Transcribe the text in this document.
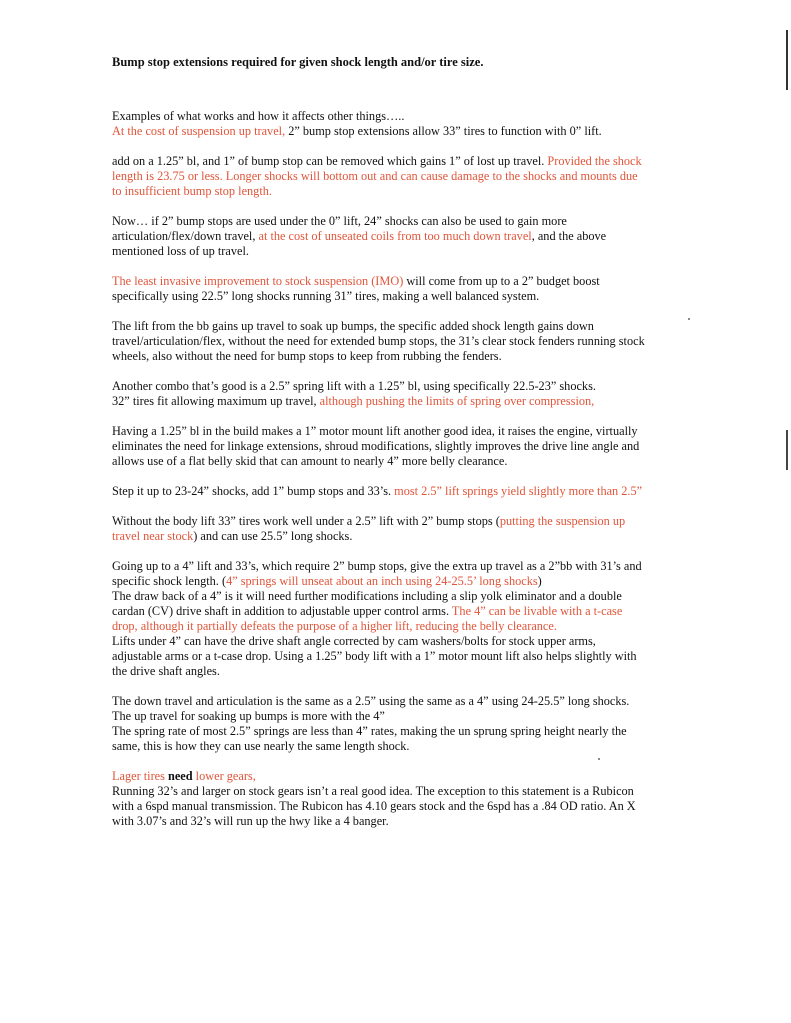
Bump stop extensions required for given shock length and/or tire size.
Examples of what works and how it affects other things…..
At the cost of suspension up travel, 2” bump stop extensions allow 33” tires to function with 0” lift.
add on a 1.25” bl, and 1” of bump stop can be removed which gains 1” of lost up travel. Provided the shock
length is 23.75 or less. Longer shocks will bottom out and can cause damage to the shocks and mounts due
to insufficient bump stop length.
Now… if 2” bump stops are used under the 0” lift, 24” shocks can also be used to gain more
articulation/flex/down travel, at the cost of unseated coils from too much down travel, and the above
mentioned loss of up travel.
The least invasive improvement to stock suspension (IMO) will come from up to a 2” budget boost
specifically using 22.5” long shocks running 31” tires, making a well balanced system.
The lift from the bb gains up travel to soak up bumps, the specific added shock length gains down
travel/articulation/flex, without the need for extended bump stops, the 31’s clear stock fenders running stock
wheels, also without the need for bump stops to keep from rubbing the fenders.
Another combo that’s good is a 2.5” spring lift with a 1.25” bl, using specifically 22.5-23” shocks.
32” tires fit allowing maximum up travel, although pushing the limits of spring over compression,
Having a 1.25” bl in the build makes a 1” motor mount lift another good idea, it raises the engine, virtually
eliminates the need for linkage extensions, shroud modifications, slightly improves the drive line angle and
allows use of a flat belly skid that can amount to nearly 4” more belly clearance.
Step it up to 23-24” shocks, add 1” bump stops and 33’s. most 2.5” lift springs yield slightly more than 2.5”
Without the body lift 33” tires work well under a 2.5” lift with 2” bump stops (putting the suspension up
travel near stock) and can use 25.5” long shocks.
Going up to a 4” lift and 33’s, which require 2” bump stops, give the extra up travel as a 2”bb with 31’s and
specific shock length. (4” springs will unseat about an inch using 24-25.5’ long shocks)
The draw back of a 4” is it will need further modifications including a slip yolk eliminator and a double
cardan (CV) drive shaft in addition to adjustable upper control arms. The 4” can be livable with a t-case
drop, although it partially defeats the purpose of a higher lift, reducing the belly clearance.
Lifts under 4” can have the drive shaft angle corrected by cam washers/bolts for stock upper arms,
adjustable arms or a t-case drop. Using a 1.25” body lift with a 1” motor mount lift also helps slightly with
the drive shaft angles.
The down travel and articulation is the same as a 2.5” using the same as a 4” using 24-25.5” long shocks.
The up travel for soaking up bumps is more with the 4”
The spring rate of most 2.5” springs are less than 4” rates, making the un sprung spring height nearly the
same, this is how they can use nearly the same length shock.
Lager tires need lower gears,
Running 32’s and larger on stock gears isn’t a real good idea. The exception to this statement is a Rubicon
with a 6spd manual transmission. The Rubicon has 4.10 gears stock and the 6spd has a .84 OD ratio. An X
with 3.07’s and 32’s will run up the hwy like a 4 banger.
